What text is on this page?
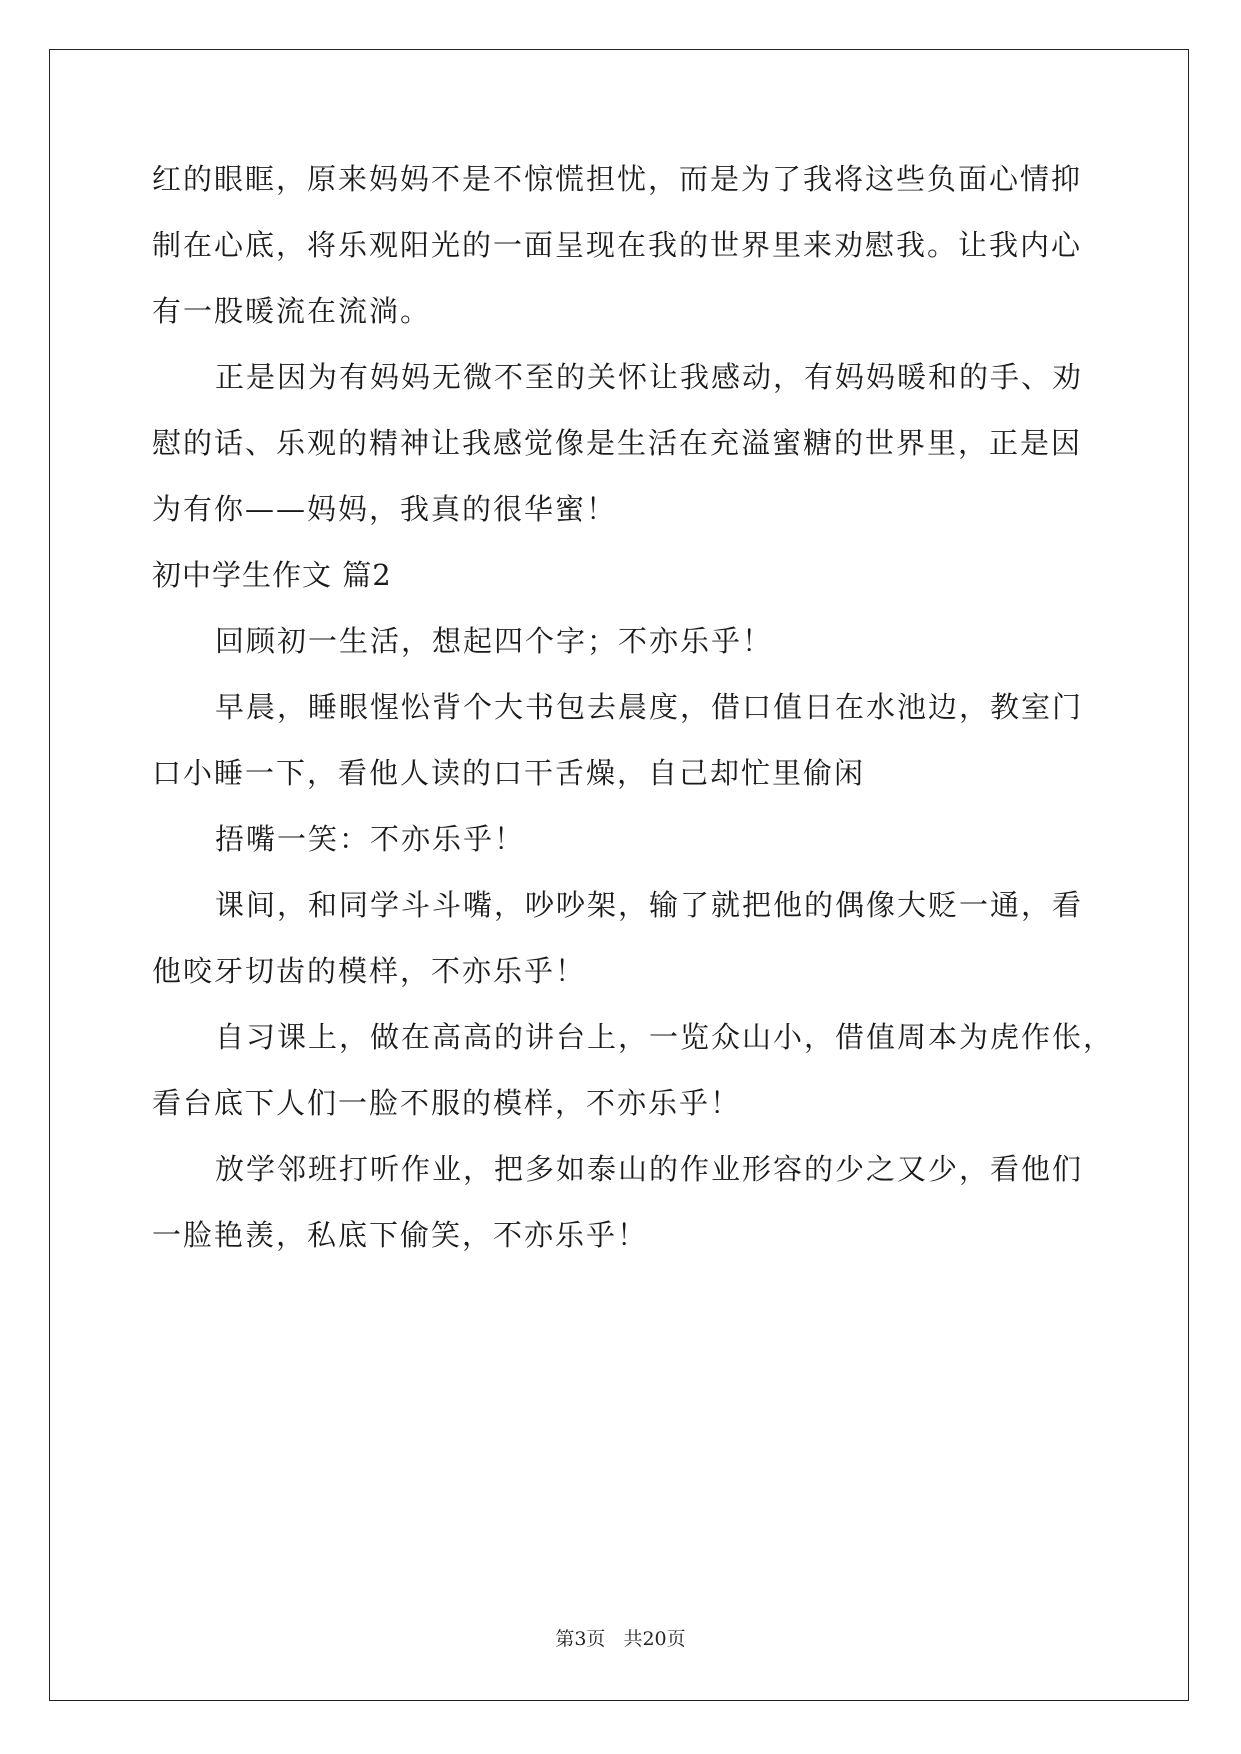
红的眼眶，原来妈妈不是不惊慌担忧，而是为了我将这些负面心情抑
制在心底，将乐观阳光的一面呈现在我的世界里来劝慰我。让我内心
有一股暖流在流淌。
正是因为有妈妈无微不至的关怀让我感动，有妈妈暖和的手、劝
慰的话、乐观的精神让我感觉像是生活在充溢蜜糖的世界里，正是因
为有你——妈妈，我真的很华蜜！
初中学生作文 篇2
回顾初一生活，想起四个字；不亦乐乎！
早晨，睡眼惺忪背个大书包去晨度，借口值日在水池边，教室门
口小睡一下，看他人读的口干舌燥，自己却忙里偷闲
捂嘴一笑：不亦乐乎！
课间，和同学斗斗嘴，吵吵架，输了就把他的偶像大贬一通，看
他咬牙切齿的模样，不亦乐乎！
自习课上，做在高高的讲台上，一览众山小，借值周本为虎作伥，
看台底下人们一脸不服的模样，不亦乐乎！
放学邻班打听作业，把多如泰山的作业形容的少之又少，看他们
一脸艳羡，私底下偷笑，不亦乐乎！
第3页 共20页
